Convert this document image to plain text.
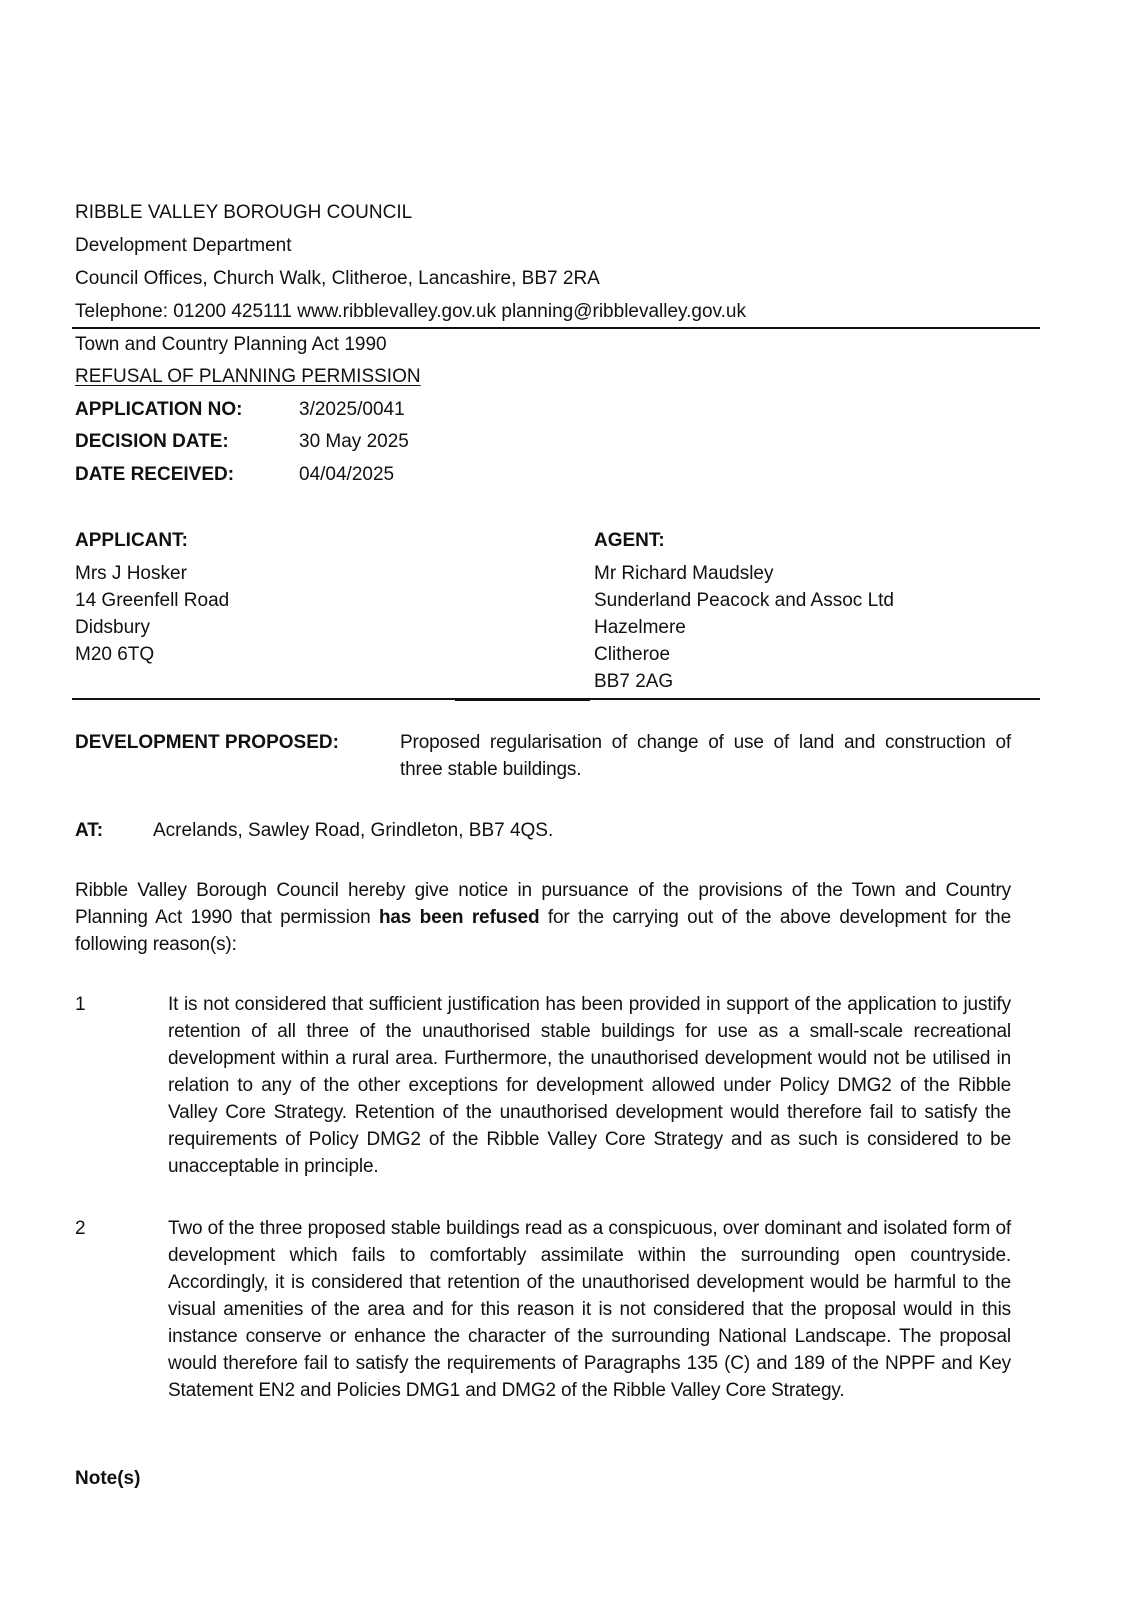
RIBBLE VALLEY BOROUGH COUNCIL
Development Department
Council Offices, Church Walk, Clitheroe, Lancashire, BB7 2RA
Telephone: 01200 425111 www.ribblevalley.gov.uk planning@ribblevalley.gov.uk
Town and Country Planning Act 1990
REFUSAL OF PLANNING PERMISSION
APPLICATION NO:	3/2025/0041
DECISION DATE:	30 May 2025
DATE RECEIVED:	04/04/2025
APPLICANT:
Mrs J Hosker
14 Greenfell Road
Didsbury
M20 6TQ
AGENT:
Mr Richard Maudsley
Sunderland Peacock and Assoc Ltd
Hazelmere
Clitheroe
BB7 2AG
DEVELOPMENT PROPOSED:	Proposed regularisation of change of use of land and construction of three stable buildings.
AT:	Acrelands, Sawley Road, Grindleton, BB7 4QS.
Ribble Valley Borough Council hereby give notice in pursuance of the provisions of the Town and Country Planning Act 1990 that permission has been refused for the carrying out of the above development for the following reason(s):
1	It is not considered that sufficient justification has been provided in support of the application to justify retention of all three of the unauthorised stable buildings for use as a small-scale recreational development within a rural area. Furthermore, the unauthorised development would not be utilised in relation to any of the other exceptions for development allowed under Policy DMG2 of the Ribble Valley Core Strategy. Retention of the unauthorised development would therefore fail to satisfy the requirements of Policy DMG2 of the Ribble Valley Core Strategy and as such is considered to be unacceptable in principle.
2	Two of the three proposed stable buildings read as a conspicuous, over dominant and isolated form of development which fails to comfortably assimilate within the surrounding open countryside. Accordingly, it is considered that retention of the unauthorised development would be harmful to the visual amenities of the area and for this reason it is not considered that the proposal would in this instance conserve or enhance the character of the surrounding National Landscape. The proposal would therefore fail to satisfy the requirements of Paragraphs 135 (C) and 189 of the NPPF and Key Statement EN2 and Policies DMG1 and DMG2 of the Ribble Valley Core Strategy.
Note(s)
